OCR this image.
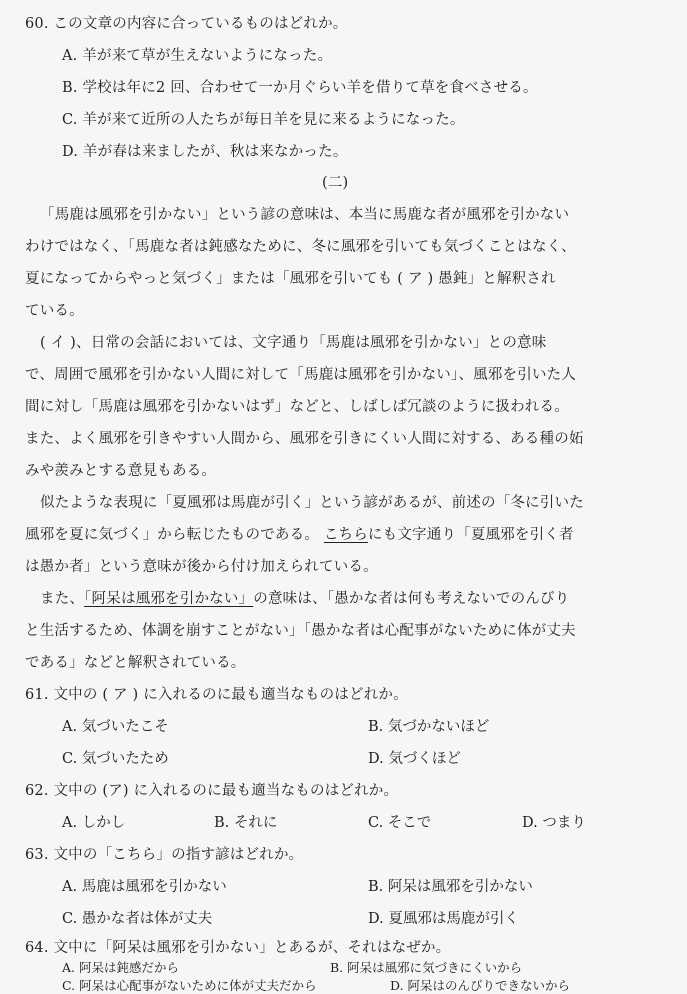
60. この文章の内容に合っているものはどれか。
A. 羊が来て草が生えないようになった。
B. 学校は年に2 回、合わせて一か月ぐらい羊を借りて草を食べさせる。
C. 羊が来て近所の人たちが毎日羊を見に来るようになった。
D. 羊が春は来ましたが、秋は来なかった。
(二)
「馬鹿は風邪を引かない」という諺の意味は、本当に馬鹿な者が風邪を引かない
わけではなく、「馬鹿な者は鈍感なために、冬に風邪を引いても気づくことはなく、
夏になってからやっと気づく」または「風邪を引いても ( ア ) 愚鈍」と解釈され
ている。
( イ )、日常の会話においては、文字通り「馬鹿は風邪を引かない」との意味
で、周囲で風邪を引かない人間に対して「馬鹿は風邪を引かない」、風邪を引いた人
間に対し「馬鹿は風邪を引かないはず」などと、しばしば冗談のように扱われる。
また、よく風邪を引きやすい人間から、風邪を引きにくい人間に対する、ある種の妬
みや羨みとする意見もある。
似たような表現に「夏風邪は馬鹿が引く」という諺があるが、前述の「冬に引いた
風邪を夏に気づく」から転じたものである。 こちらにも文字通り「夏風邪を引く者
は愚か者」という意味が後から付け加えられている。
また、「阿呆は風邪を引かない」の意味は、「愚かな者は何も考えないでのんびり
と生活するため、体調を崩すことがない」「愚かな者は心配事がないために体が丈夫
である」などと解釈されている。
61. 文中の ( ア ) に入れるのに最も適当なものはどれか。
A. 気づいたこそ	B. 気づかないほど
C. 気づいたため	D. 気づくほど
62. 文中の (ア) に入れるのに最も適当なものはどれか。
A. しかし	B. それに	C. そこで	D. つまり
63. 文中の「こちら」の指す諺はどれか。
A. 馬鹿は風邪を引かない	B. 阿呆は風邪を引かない
C. 愚かな者は体が丈夫	D. 夏風邪は馬鹿が引く
64. 文中に「阿呆は風邪を引かない」とあるが、それはなぜか。
A. 阿呆は鈍感だから	B. 阿呆は風邪に気づきにくいから
C. 阿呆は心配事がないために体が丈夫だから	D. 阿呆はのんびりできないから
